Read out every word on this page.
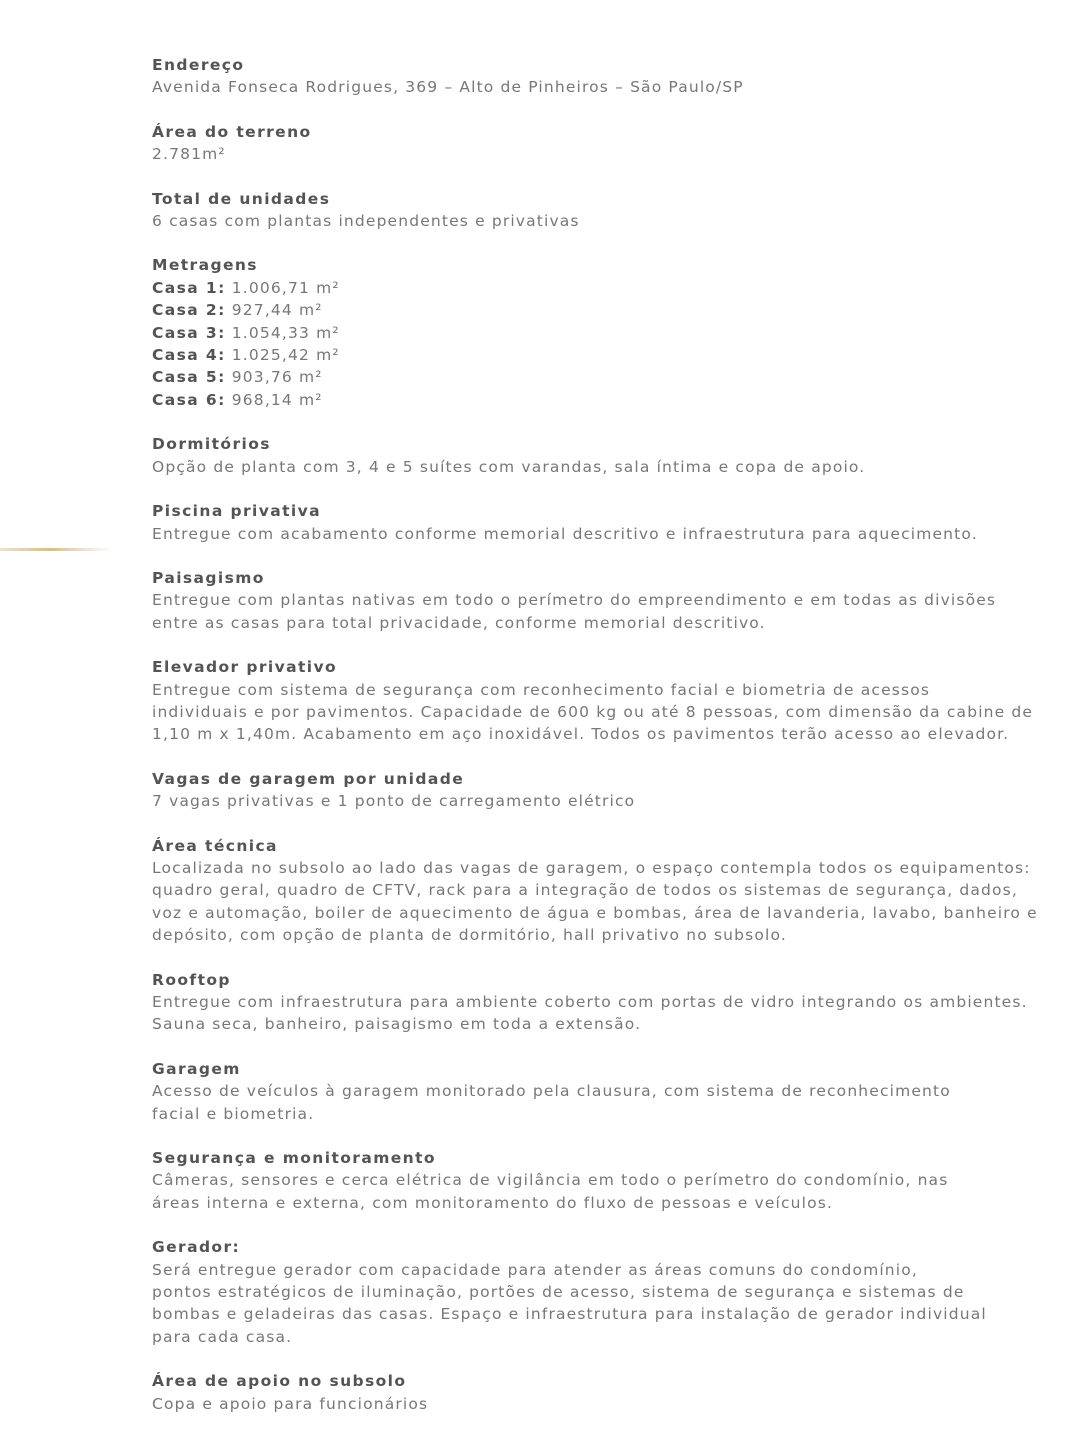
Endereço
Avenida Fonseca Rodrigues, 369 – Alto de Pinheiros – São Paulo/SP
Área do terreno
2.781m²
Total de unidades
6 casas com plantas independentes e privativas
Metragens
Casa 1: 1.006,71 m²
Casa 2: 927,44 m²
Casa 3: 1.054,33 m²
Casa 4: 1.025,42 m²
Casa 5: 903,76 m²
Casa 6: 968,14 m²
Dormitórios
Opção de planta com 3, 4 e 5 suítes com varandas, sala íntima e copa de apoio.
Piscina privativa
Entregue com acabamento conforme memorial descritivo e infraestrutura para aquecimento.
Paisagismo
Entregue com plantas nativas em todo o perímetro do empreendimento e em todas as divisões
entre as casas para total privacidade, conforme memorial descritivo.
Elevador privativo
Entregue com sistema de segurança com reconhecimento facial e biometria de acessos
individuais e por pavimentos. Capacidade de 600 kg ou até 8 pessoas, com dimensão da cabine de
1,10 m x 1,40m. Acabamento em aço inoxidável. Todos os pavimentos terão acesso ao elevador.
Vagas de garagem por unidade
7 vagas privativas e 1 ponto de carregamento elétrico
Área técnica
Localizada no subsolo ao lado das vagas de garagem, o espaço contempla todos os equipamentos:
quadro geral, quadro de CFTV, rack para a integração de todos os sistemas de segurança, dados,
voz e automação, boiler de aquecimento de água e bombas, área de lavanderia, lavabo, banheiro e
depósito, com opção de planta de dormitório, hall privativo no subsolo.
Rooftop
Entregue com infraestrutura para ambiente coberto com portas de vidro integrando os ambientes.
Sauna seca, banheiro, paisagismo em toda a extensão.
Garagem
Acesso de veículos à garagem monitorado pela clausura, com sistema de reconhecimento
facial e biometria.
Segurança e monitoramento
Câmeras, sensores e cerca elétrica de vigilância em todo o perímetro do condomínio, nas
áreas interna e externa, com monitoramento do fluxo de pessoas e veículos.
Gerador:
Será entregue gerador com capacidade para atender as áreas comuns do condomínio,
pontos estratégicos de iluminação, portões de acesso, sistema de segurança e sistemas de
bombas e geladeiras das casas. Espaço e infraestrutura para instalação de gerador individual
para cada casa.
Área de apoio no subsolo
Copa e apoio para funcionários
